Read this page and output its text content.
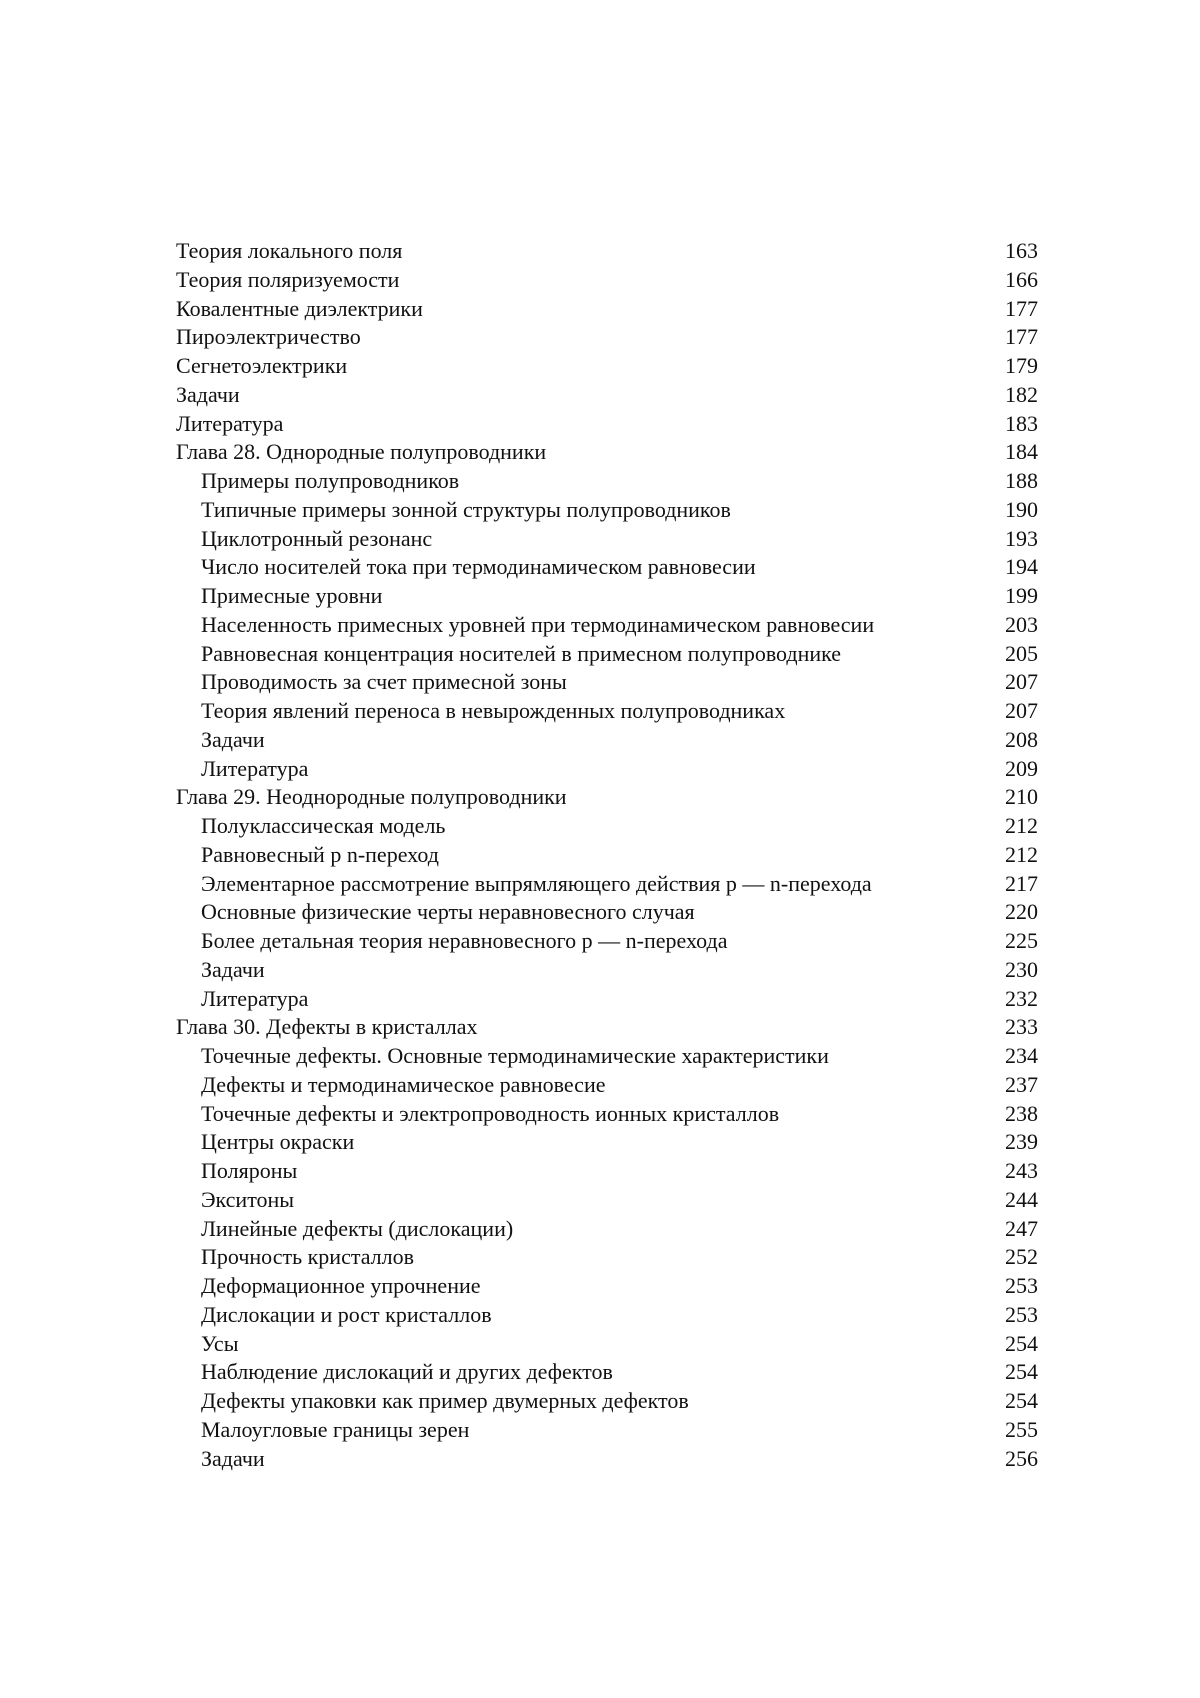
Теория локального поля	163
Теория поляризуемости	166
Ковалентные диэлектрики	177
Пироэлектричество	177
Сегнетоэлектрики	179
Задачи	182
Литература	183
Глава 28. Однородные полупроводники	184
Примеры полупроводников	188
Типичные примеры зонной структуры полупроводников	190
Циклотронный резонанс	193
Число носителей тока при термодинамическом равновесии	194
Примесные уровни	199
Населенность примесных уровней при термодинамическом равновесии	203
Равновесная концентрация носителей в примесном полупроводнике	205
Проводимость за счет примесной зоны	207
Теория явлений переноса в невырожденных полупроводниках	207
Задачи	208
Литература	209
Глава 29. Неоднородные полупроводники	210
Полуклассическая модель	212
Равновесный р n-переход	212
Элементарное рассмотрение выпрямляющего действия р — n-перехода	217
Основные физические черты неравновесного случая	220
Более детальная теория неравновесного р — n-перехода	225
Задачи	230
Литература	232
Глава 30. Дефекты в кристаллах	233
Точечные дефекты. Основные термодинамические характеристики	234
Дефекты и термодинамическое равновесие	237
Точечные дефекты и электропроводность ионных кристаллов	238
Центры окраски	239
Поляроны	243
Экситоны	244
Линейные дефекты (дислокации)	247
Прочность кристаллов	252
Деформационное упрочнение	253
Дислокации и рост кристаллов	253
Усы	254
Наблюдение дислокаций и других дефектов	254
Дефекты упаковки как пример двумерных дефектов	254
Малоугловые границы зерен	255
Задачи	256
